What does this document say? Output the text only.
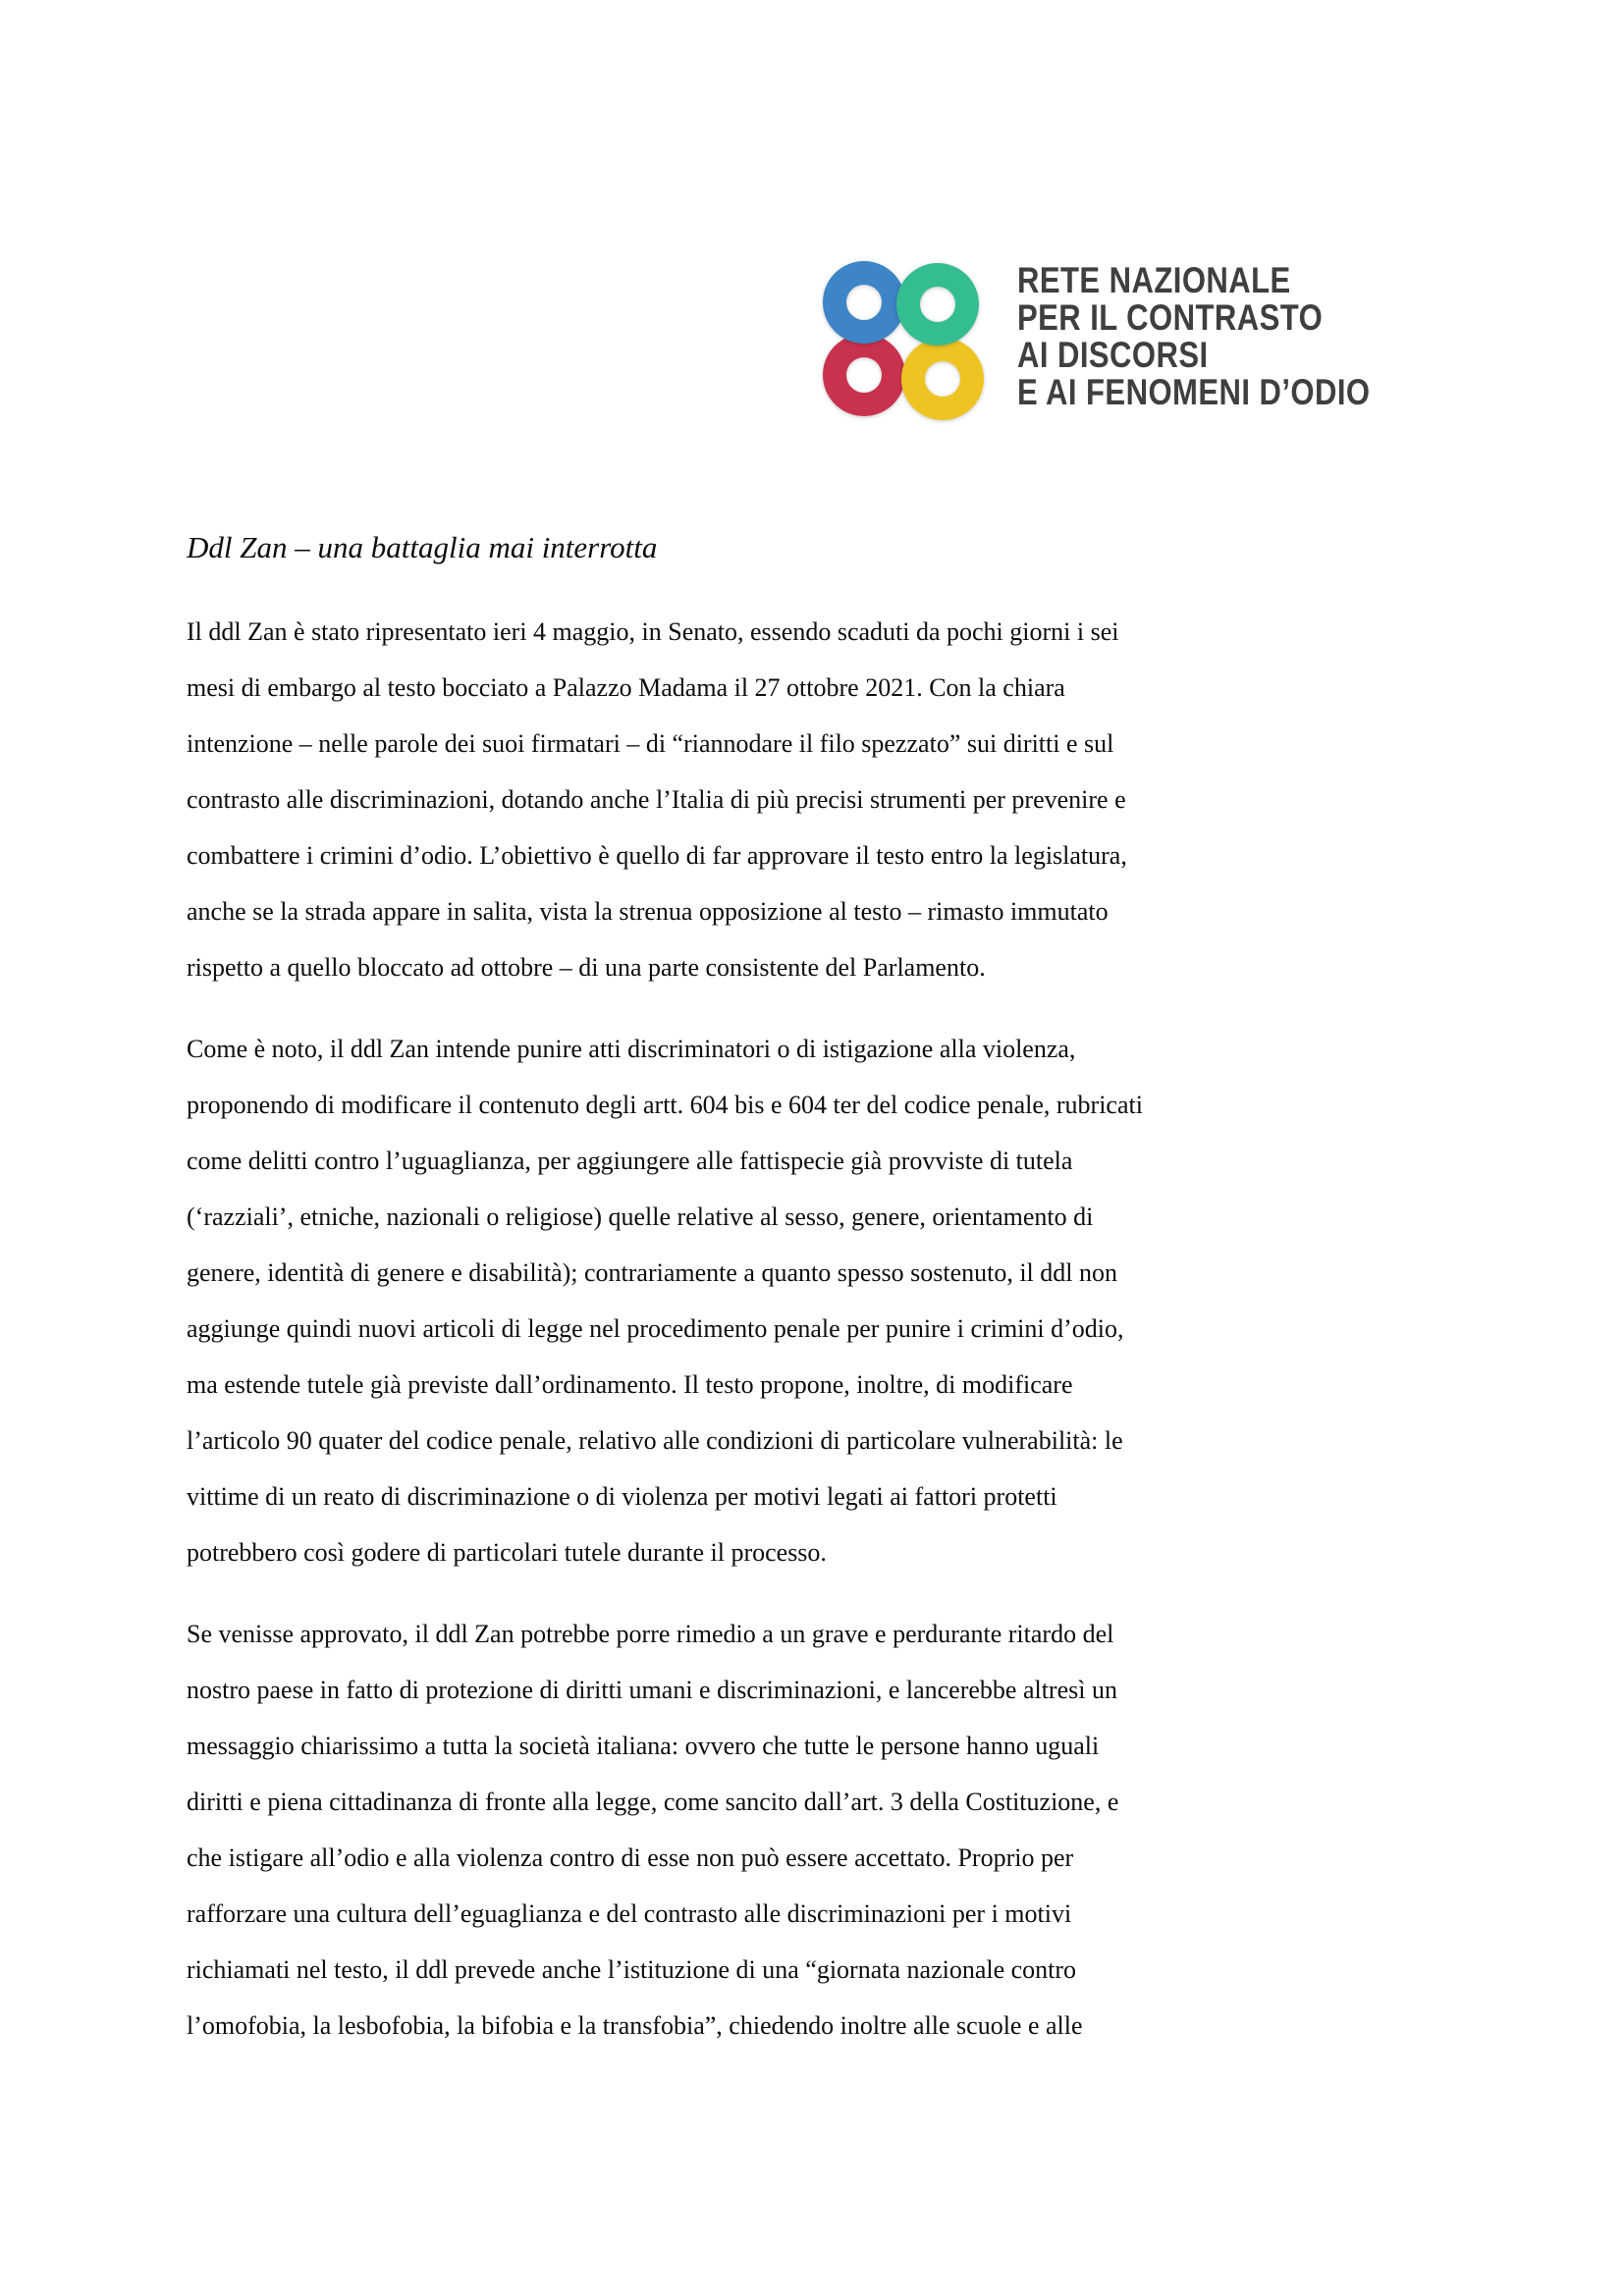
RETE NAZIONALE
PER IL CONTRASTO
AI DISCORSI
E AI FENOMENI D’ODIO
Ddl Zan – una battaglia mai interrotta
Il ddl Zan è stato ripresentato ieri 4 maggio, in Senato, essendo scaduti da pochi giorni i sei
mesi di embargo al testo bocciato a Palazzo Madama il 27 ottobre 2021. Con la chiara
intenzione – nelle parole dei suoi firmatari – di “riannodare il filo spezzato” sui diritti e sul
contrasto alle discriminazioni, dotando anche l’Italia di più precisi strumenti per prevenire e
combattere i crimini d’odio. L’obiettivo è quello di far approvare il testo entro la legislatura,
anche se la strada appare in salita, vista la strenua opposizione al testo – rimasto immutato
rispetto a quello bloccato ad ottobre – di una parte consistente del Parlamento.
Come è noto, il ddl Zan intende punire atti discriminatori o di istigazione alla violenza,
proponendo di modificare il contenuto degli artt. 604 bis e 604 ter del codice penale, rubricati
come delitti contro l’uguaglianza, per aggiungere alle fattispecie già provviste di tutela
(‘razziali’, etniche, nazionali o religiose) quelle relative al sesso, genere, orientamento di
genere, identità di genere e disabilità); contrariamente a quanto spesso sostenuto, il ddl non
aggiunge quindi nuovi articoli di legge nel procedimento penale per punire i crimini d’odio,
ma estende tutele già previste dall’ordinamento. Il testo propone, inoltre, di modificare
l’articolo 90 quater del codice penale, relativo alle condizioni di particolare vulnerabilità: le
vittime di un reato di discriminazione o di violenza per motivi legati ai fattori protetti
potrebbero così godere di particolari tutele durante il processo.
Se venisse approvato, il ddl Zan potrebbe porre rimedio a un grave e perdurante ritardo del
nostro paese in fatto di protezione di diritti umani e discriminazioni, e lancerebbe altresì un
messaggio chiarissimo a tutta la società italiana: ovvero che tutte le persone hanno uguali
diritti e piena cittadinanza di fronte alla legge, come sancito dall’art. 3 della Costituzione, e
che istigare all’odio e alla violenza contro di esse non può essere accettato. Proprio per
rafforzare una cultura dell’eguaglianza e del contrasto alle discriminazioni per i motivi
richiamati nel testo, il ddl prevede anche l’istituzione di una “giornata nazionale contro
l’omofobia, la lesbofobia, la bifobia e la transfobia”, chiedendo inoltre alle scuole e alle
